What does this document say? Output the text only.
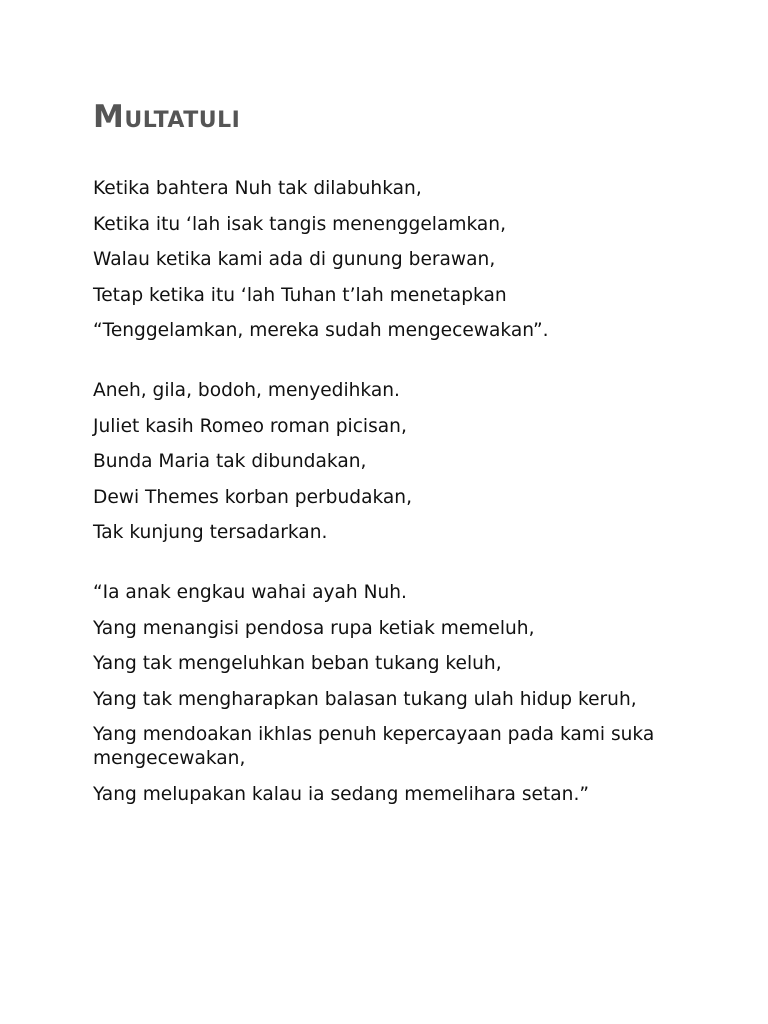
Multatuli
Ketika bahtera Nuh tak dilabuhkan,
Ketika itu ‘lah isak tangis menenggelamkan,
Walau ketika kami ada di gunung berawan,
Tetap ketika itu ‘lah Tuhan t’lah menetapkan
“Tenggelamkan, mereka sudah mengecewakan”.
Aneh, gila, bodoh, menyedihkan.
Juliet kasih Romeo roman picisan,
Bunda Maria tak dibundakan,
Dewi Themes korban perbudakan,
Tak kunjung tersadarkan.
“Ia anak engkau wahai ayah Nuh.
Yang menangisi pendosa rupa ketiak memeluh,
Yang tak mengeluhkan beban tukang keluh,
Yang tak mengharapkan balasan tukang ulah hidup keruh,
Yang mendoakan ikhlas penuh kepercayaan pada kami suka mengecewakan,
Yang melupakan kalau ia sedang memelihara setan.”
